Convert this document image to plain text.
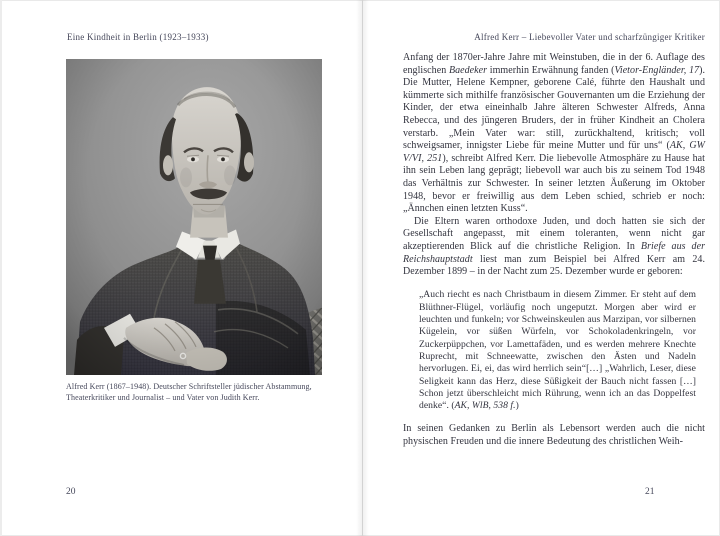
Eine Kindheit in Berlin (1923–1933)
Alfred Kerr (1867–1948). Deutscher Schriftsteller jüdischer Abstammung, Theaterkritiker und Journalist – und Vater von Judith Kerr.
20
Alfred Kerr – Liebevoller Vater und scharfzüngiger Kritiker

Anfang der 1870er-Jahre Jahre mit Weinstuben, die in der 6. Auflage des englischen Baedeker immerhin Erwähnung fanden (Vietor-Engländer, 17). Die Mutter, Helene Kempner, geborene Calé, führte den Haushalt und kümmerte sich mithilfe französischer Gouvernanten um die Erziehung der Kinder, der etwa eineinhalb Jahre älteren Schwester Alfreds, Anna Rebecca, und des jüngeren Bruders, der in früher Kindheit an Cholera verstarb. „Mein Vater war: still, zurückhaltend, kritisch; voll schweigsamer, innigster Liebe für meine Mutter und für uns“ (AK, GW V/VI, 251), schreibt Alfred Kerr. Die liebevolle Atmosphäre zu Hause hat ihn sein Leben lang geprägt; liebevoll war auch bis zu seinem Tod 1948 das Verhältnis zur Schwester. In seiner letzten Äußerung im Oktober 1948, bevor er freiwillig aus dem Leben schied, schrieb er noch: „Ännchen einen letzten Kuss“.

Die Eltern waren orthodoxe Juden, und doch hatten sie sich der Gesellschaft angepasst, mit einem toleranten, wenn nicht gar akzeptierenden Blick auf die christliche Religion. In Briefe aus der Reichshauptstadt liest man zum Beispiel bei Alfred Kerr am 24. Dezember 1899 – in der Nacht zum 25. Dezember wurde er geboren:

„Auch riecht es nach Christbaum in diesem Zimmer. Er steht auf dem Blüthner-Flügel, vorläufig noch ungeputzt. Morgen aber wird er leuchten und funkeln; vor Schweinskeulen aus Marzipan, vor silbernen Kügelein, vor süßen Würfeln, vor Schokoladenkringeln, vor Zuckerpüppchen, vor Lamettafäden, und es werden mehrere Knechte Ruprecht, mit Schneewatte, zwischen den Ästen und Nadeln hervorlugen. Ei, ei, das wird herrlich sein“[…] „Wahrlich, Leser, diese Seligkeit kann das Herz, diese Süßigkeit der Bauch nicht fassen […] Schon jetzt überschleicht mich Rührung, wenn ich an das Doppelfest denke“. (AK, WlB, 538 f.)

In seinen Gedanken zu Berlin als Lebensort werden auch die nicht physischen Freuden und die innere Bedeutung des christlichen Weih-

21
